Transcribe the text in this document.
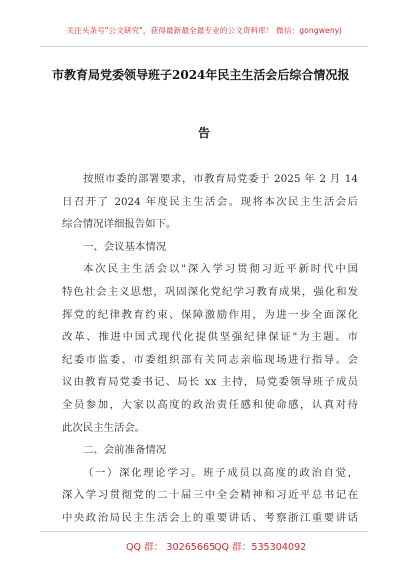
关注头条号"公文研究"，获得最新最全最专业的公文资料库！ 微信：gongwenyj
市教育局党委领导班子2024年民主生活会后综合情况报
告
按照市委的部署要求，市教育局党委于 2025 年 2 月 14
日召开了 2024 年度民主生活会。现将本次民主生活会后
综合情况详细报告如下。
一、会议基本情况
本次民主生活会以"深入学习贯彻习近平新时代中国
特色社会主义思想，巩固深化党纪学习教育成果，强化和发
挥党的纪律教育约束、保障激励作用，为进一步全面深化
改革、推进中国式现代化提供坚强纪律保证"为主题。市
纪委市监委、市委组织部有关同志亲临现场进行指导。会
议由教育局党委书记、局长 xx 主持，局党委领导班子成员
全员参加，大家以高度的政治责任感和使命感，认真对待
此次民主生活会。
二、会前准备情况
（一）深化理论学习。班子成员以高度的政治自觉，
深入学习贯彻党的二十届三中全会精神和习近平总书记在
中央政治局民主生活会上的重要讲话、考察浙江重要讲话
QQ 群： 30265665
QQ 群：535304092
